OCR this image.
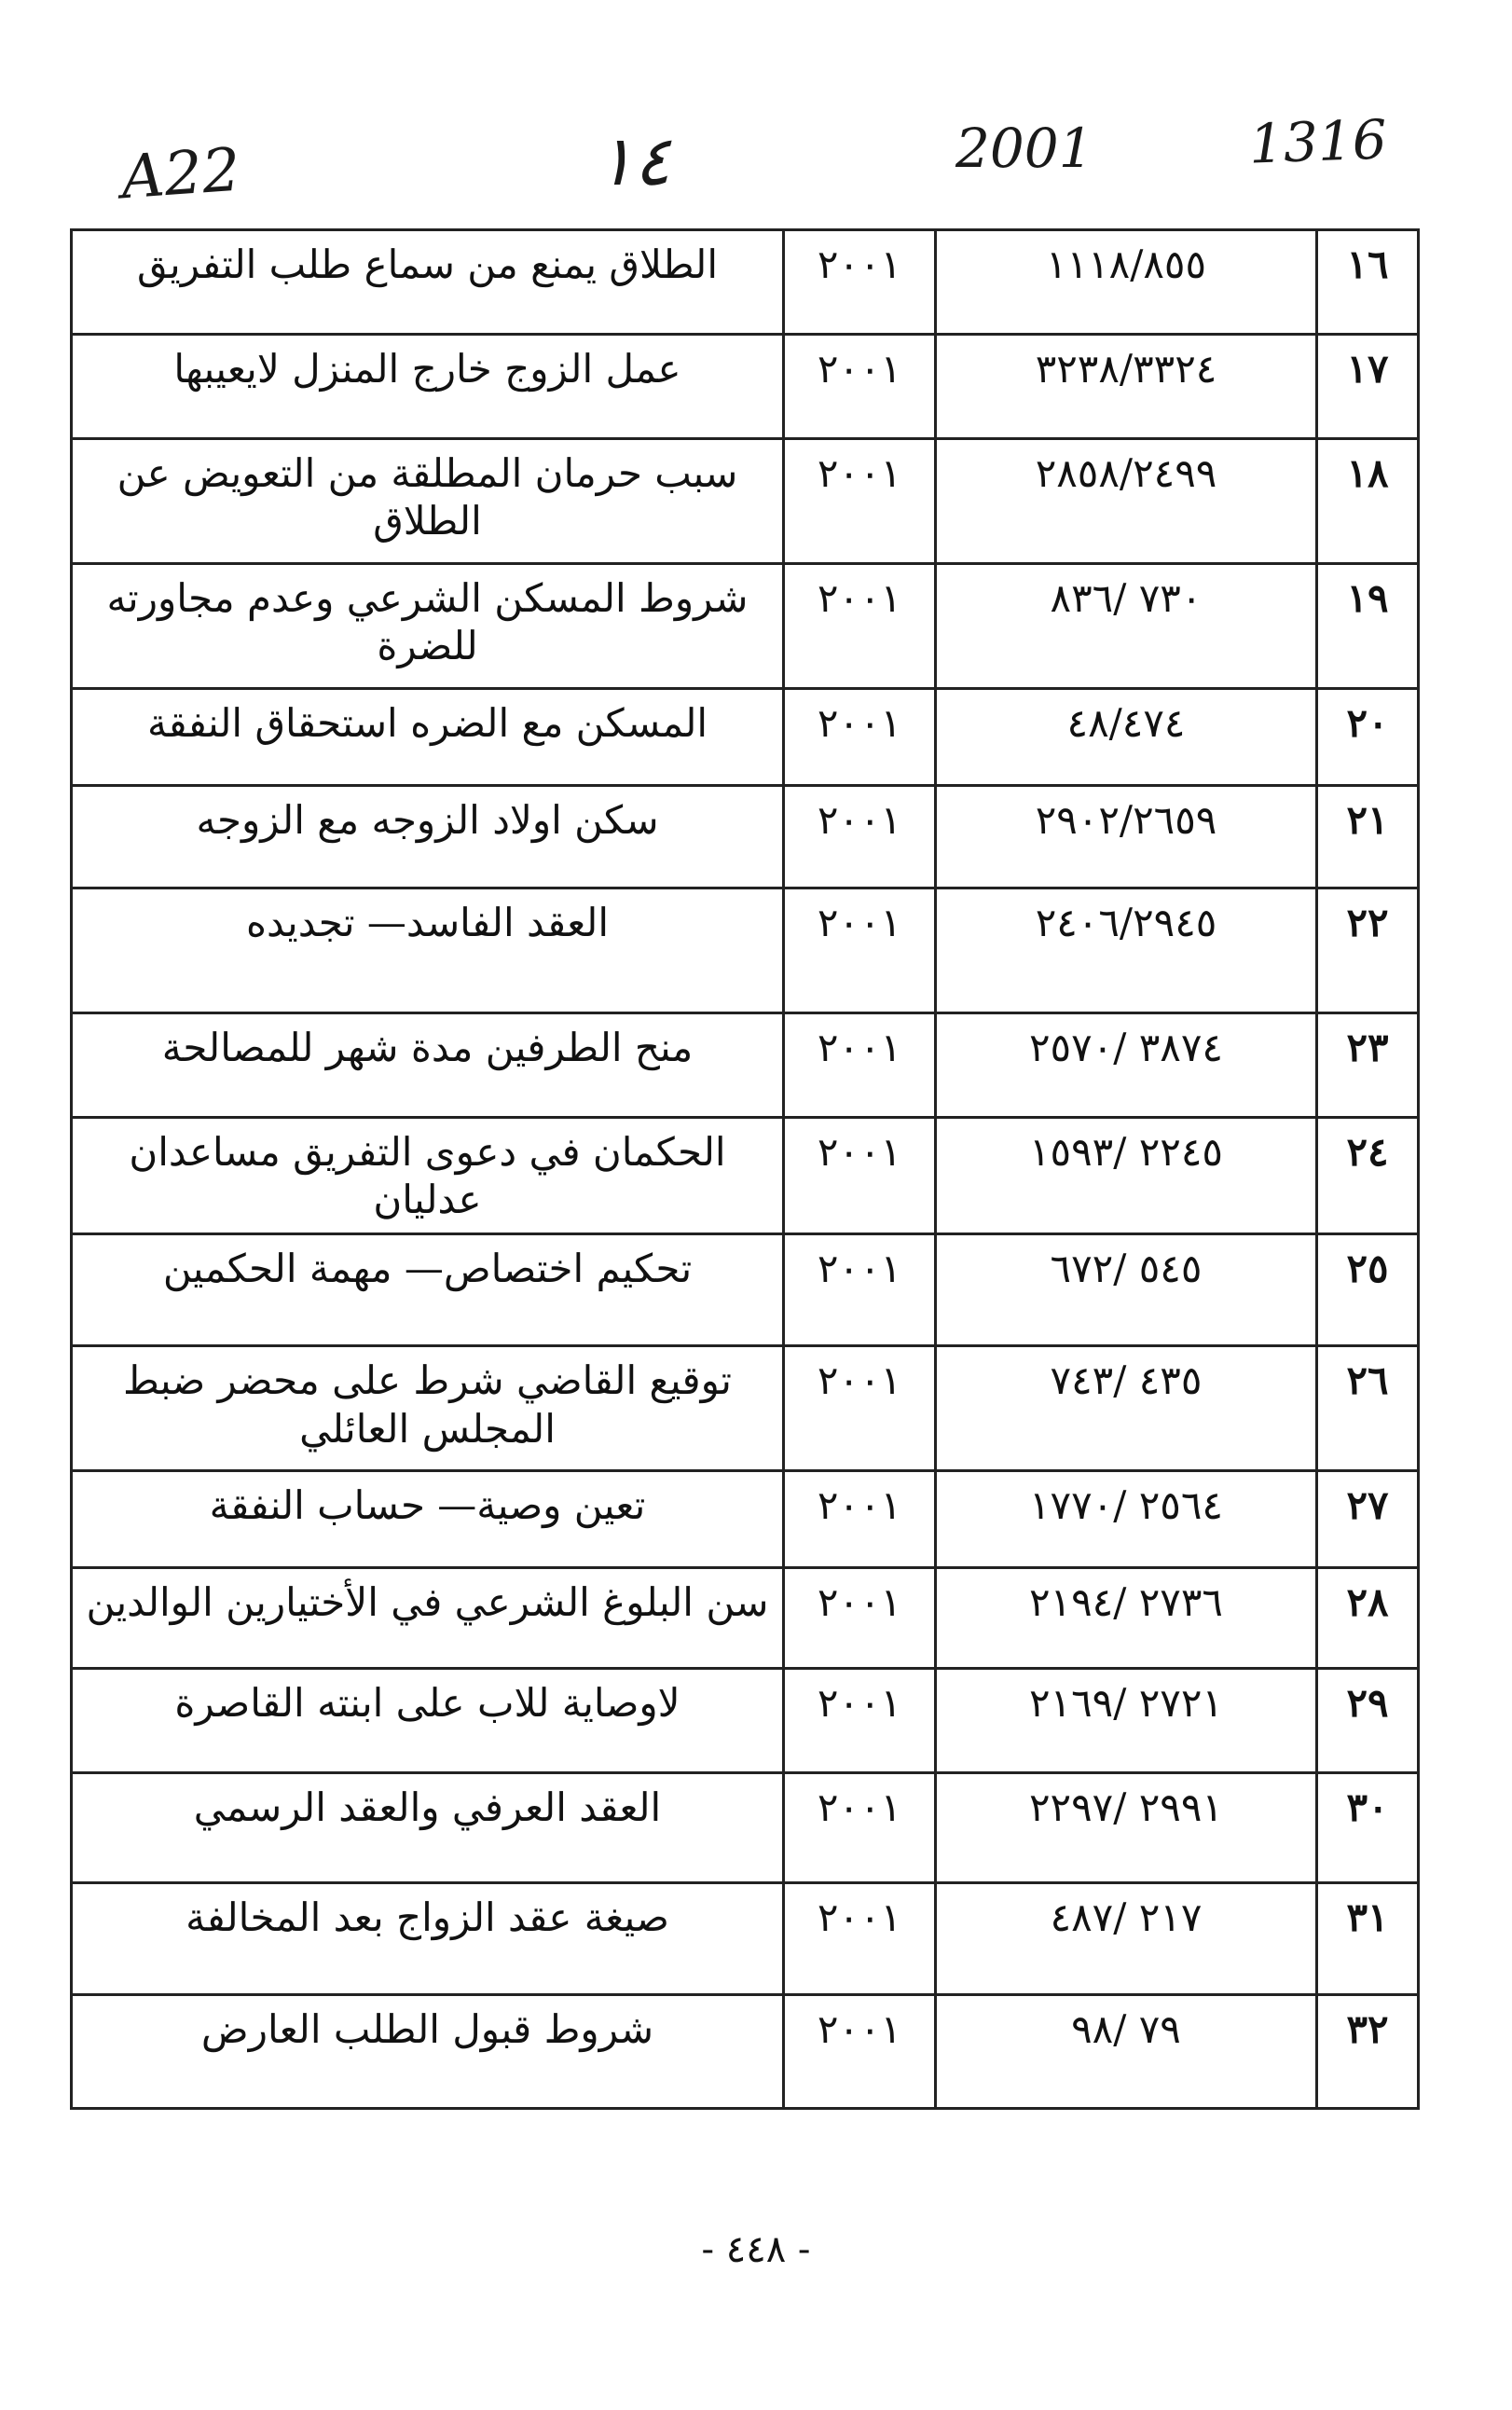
A22	١٤	2001	1316
١٦	١١١٨/٨٥٥	٢٠٠١	الطلاق يمنع من سماع طلب التفريق
١٧	٣٢٣٨/٣٣٢٤	٢٠٠١	عمل الزوج خارج المنزل لايعيبها
١٨	٢٨٥٨/٢٤٩٩	٢٠٠١	سبب حرمان المطلقة من التعويض عن الطلاق
١٩	٧٣٠ /٨٣٦	٢٠٠١	شروط المسكن الشرعي وعدم مجاورته للضرة
٢٠	٤٨/٤٧٤	٢٠٠١	المسكن مع الضره استحقاق النفقة
٢١	٢٩٠٢/٢٦٥٩	٢٠٠١	سكن اولاد الزوجه مع الزوجه
٢٢	٢٤٠٦/٢٩٤٥	٢٠٠١	العقد الفاسد— تجديده
٢٣	٣٨٧٤ /٢٥٧٠	٢٠٠١	منح الطرفين مدة شهر للمصالحة
٢٤	٢٢٤٥ /١٥٩٣	٢٠٠١	الحكمان في دعوى التفريق مساعدان عدليان
٢٥	٥٤٥ /٦٧٢	٢٠٠١	تحكيم اختصاص— مهمة الحكمين
٢٦	٤٣٥ /٧٤٣	٢٠٠١	توقيع القاضي شرط على محضر ضبط المجلس العائلي
٢٧	٢٥٦٤ /١٧٧٠	٢٠٠١	تعين وصية— حساب النفقة
٢٨	٢٧٣٦ /٢١٩٤	٢٠٠١	سن البلوغ الشرعي في الأختيارين الوالدين
٢٩	٢٧٢١ /٢١٦٩	٢٠٠١	لاوصاية للاب على ابنته القاصرة
٣٠	٢٩٩١ /٢٢٩٧	٢٠٠١	العقد العرفي والعقد الرسمي
٣١	٢١٧ /٤٨٧	٢٠٠١	صيغة عقد الزواج بعد المخالفة
٣٢	٧٩ /٩٨	٢٠٠١	شروط قبول الطلب العارض
- ٤٤٨ -
